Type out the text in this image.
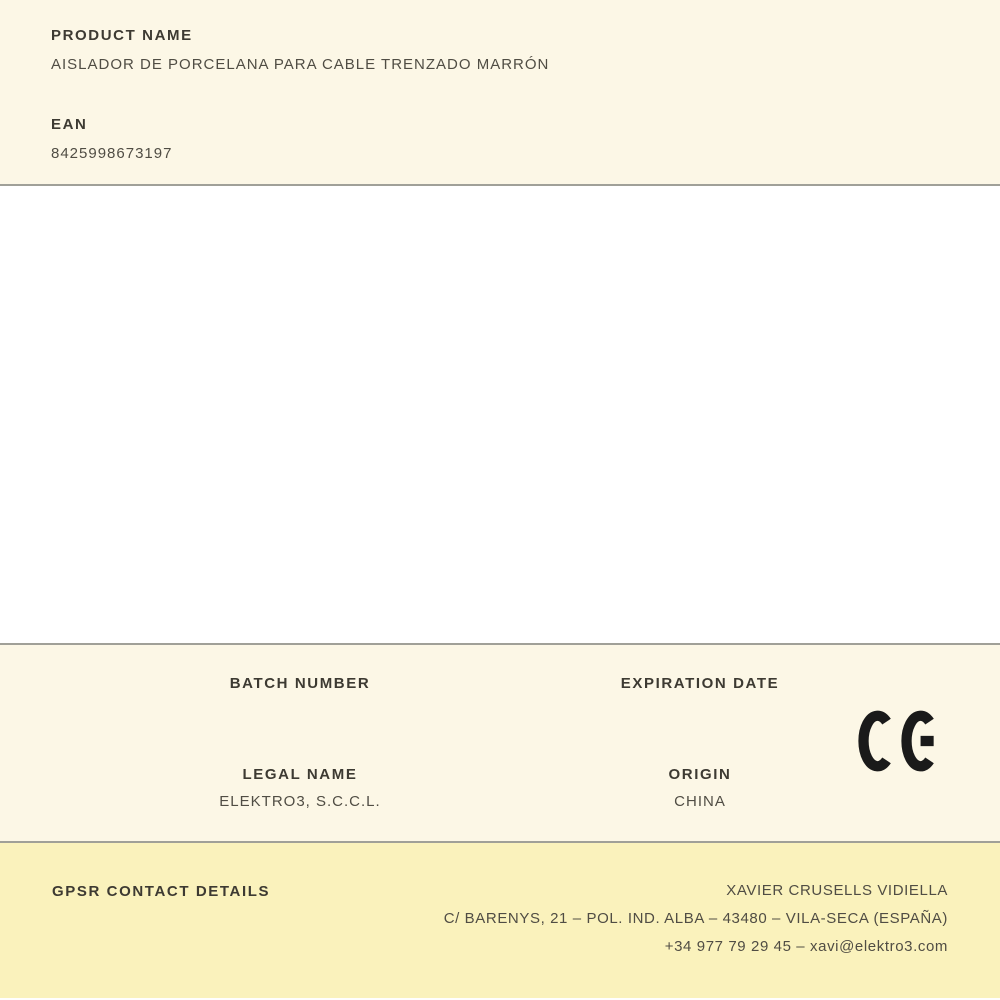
PRODUCT NAME
AISLADOR DE PORCELANA PARA CABLE TRENZADO MARRÓN
EAN
8425998673197
BATCH NUMBER	EXPIRATION DATE
LEGAL NAME
ELEKTRO3, S.C.C.L.
ORIGIN
CHINA
GPSR CONTACT DETAILS	XAVIER CRUSELLS VIDIELLA
C/ BARENYS, 21 – POL. IND. ALBA – 43480 – VILA-SECA (ESPAÑA)
+34 977 79 29 45 – xavi@elektro3.com
